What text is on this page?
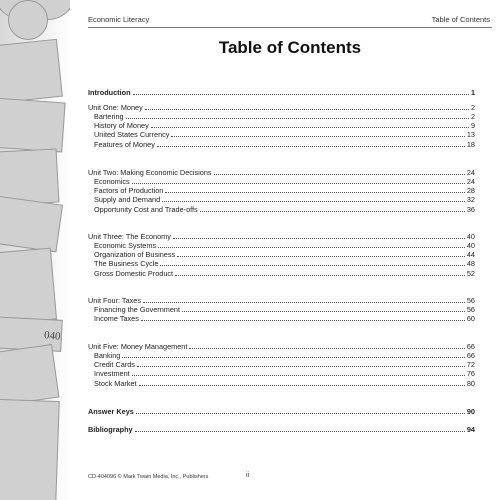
040
Economic Literacy	Table of Contents
Table of Contents
Introduction	1
Unit One: Money	2
Bartering	2
History of Money	9
United States Currency	13
Features of Money	18
Unit Two: Making Economic Decisions	24
Economics	24
Factors of Production	28
Supply and Demand	32
Opportunity Cost and Trade-offs	36
Unit Three: The Economy	40
Economic Systems	40
Organization of Business	44
The Business Cycle	48
Gross Domestic Product	52
Unit Four: Taxes	56
Financing the Government	56
Income Taxes	60
Unit Five: Money Management	66
Banking	66
Credit Cards	72
Investment	76
Stock Market	80
Answer Keys	90
Bibliography	94
CD-404096 © Mark Twain Media, Inc., Publishers	ii
